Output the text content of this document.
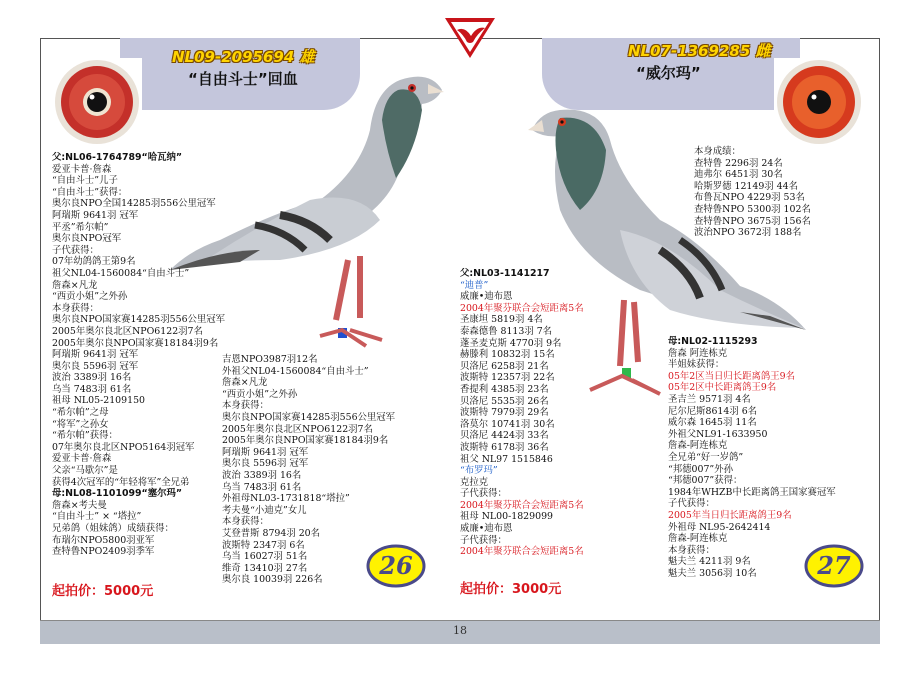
NL09-2095694 雄
“自由斗士”回血
NL07-1369285 雌
“威尔玛”
父:NL06-1764789“哈瓦纳”
爱亚卡普·詹森
“自由斗士”儿子
“自由斗士”获得：
奥尔良NPO全国14285羽556公里冠军
阿瑞斯 9641羽 冠军
平丞”希尔帕”
奥尔良NPO冠军
子代获得：
07年幼鸽鸽王第9名
祖父NL04-1560084“自由斗士”
詹森×凡龙
“西贡小姐”之外孙
本身获得：
奥尔良NPO国家赛14285羽556公里冠军
2005年奥尔良北区NPO6122羽7名
2005年奥尔良NPO国家赛18184羽9名
阿瑞斯 9641羽 冠军
奥尔良 5596羽 冠军
波治 3389羽 16名
乌当 7483羽 61名
祖母 NL05-2109150
“希尔帕”之母
“将军”之孙女
“希尔帕”获得：
07年奥尔良北区NPO5164羽冠军
爱亚卡普·詹森
父亲“马歇尔”是
获得4次冠军的“年轻将军”全兄弟
母:NL08-1101099“塞尔玛”
詹森×考夫曼
“自由斗士” × “塔拉”
兄弟鸽（姐妹鸽）成绩获得：
布瑞尔NPO5800羽亚军
查特鲁NPO2409羽季军
吉恩NPO3987羽12名
外祖父NL04-1560084“自由斗士”
詹森×凡龙
“西贡小姐”之外孙
本身获得：
奥尔良NPO国家赛14285羽556公里冠军
2005年奥尔良北区NPO6122羽7名
2005年奥尔良NPO国家赛18184羽9名
阿瑞斯 9641羽 冠军
奥尔良 5596羽 冠军
波治 3389羽 16名
乌当 7483羽 61名
外祖母NL03-1731818“塔拉”
考夫曼“小迪克”女儿
本身获得：
艾登普斯 8794羽 20名
波斯特 2347羽 6名
乌当 16027羽 51名
维奇 13410羽 27名
奥尔良 10039羽 226名
本身成绩：
查特鲁 2296羽 24名
迪弗尔 6451羽 30名
哈斯罗德 12149羽 44名
布鲁瓦NPO 4229羽 53名
查特鲁NPO 5300羽 102名
查特鲁NPO 3675羽 156名
波治NPO 3672羽 188名
父:NL03-1141217
“迪普”
威廉•迪布恩
2004年聚芬联合会短距离5名
圣康坦 5819羽 4名
泰森德鲁 8113羽 7名
蓬圣麦克斯 4770羽 9名
赫滕利 10832羽 15名
贝洛尼 6258羽 21名
波斯特 12357羽 22名
香提利 4385羽 23名
贝洛尼 5535羽 26名
波斯特 7979羽 29名
洛莫尔 10741羽 30名
贝洛尼 4424羽 33名
波斯特 6178羽 36名
祖父 NL97 1515846
“布罗玛”
克拉克
子代获得：
2004年聚芬联合会短距离5名
祖母 NL00-1829099
威廉•迪布恩
子代获得：
2004年聚芬联合会短距离5名
母:NL02-1115293
詹森 阿连栋克
半姐妹获得：
05年2区当日归长距离鸽王9名
05年2区中长距离鸽王9名
圣吉兰 9571羽 4名
尼尔尼斯8614羽 6名
威尔森 1645羽 11名
外祖父NL91-1633950
詹森-阿连栋克
全兄弟“好一岁鸽”
“邦德007”外孙
“邦德007”获得：
1984年WHZB中长距离鸽王国家赛冠军
子代获得：
2005年当日归长距离鸽王9名
外祖母 NL95-2642414
詹森-阿连栋克
本身获得：
魁夫兰 4211羽 9名
魁夫兰 3056羽 10名
起拍价：5000元	起拍价：3000元
26	27
18
